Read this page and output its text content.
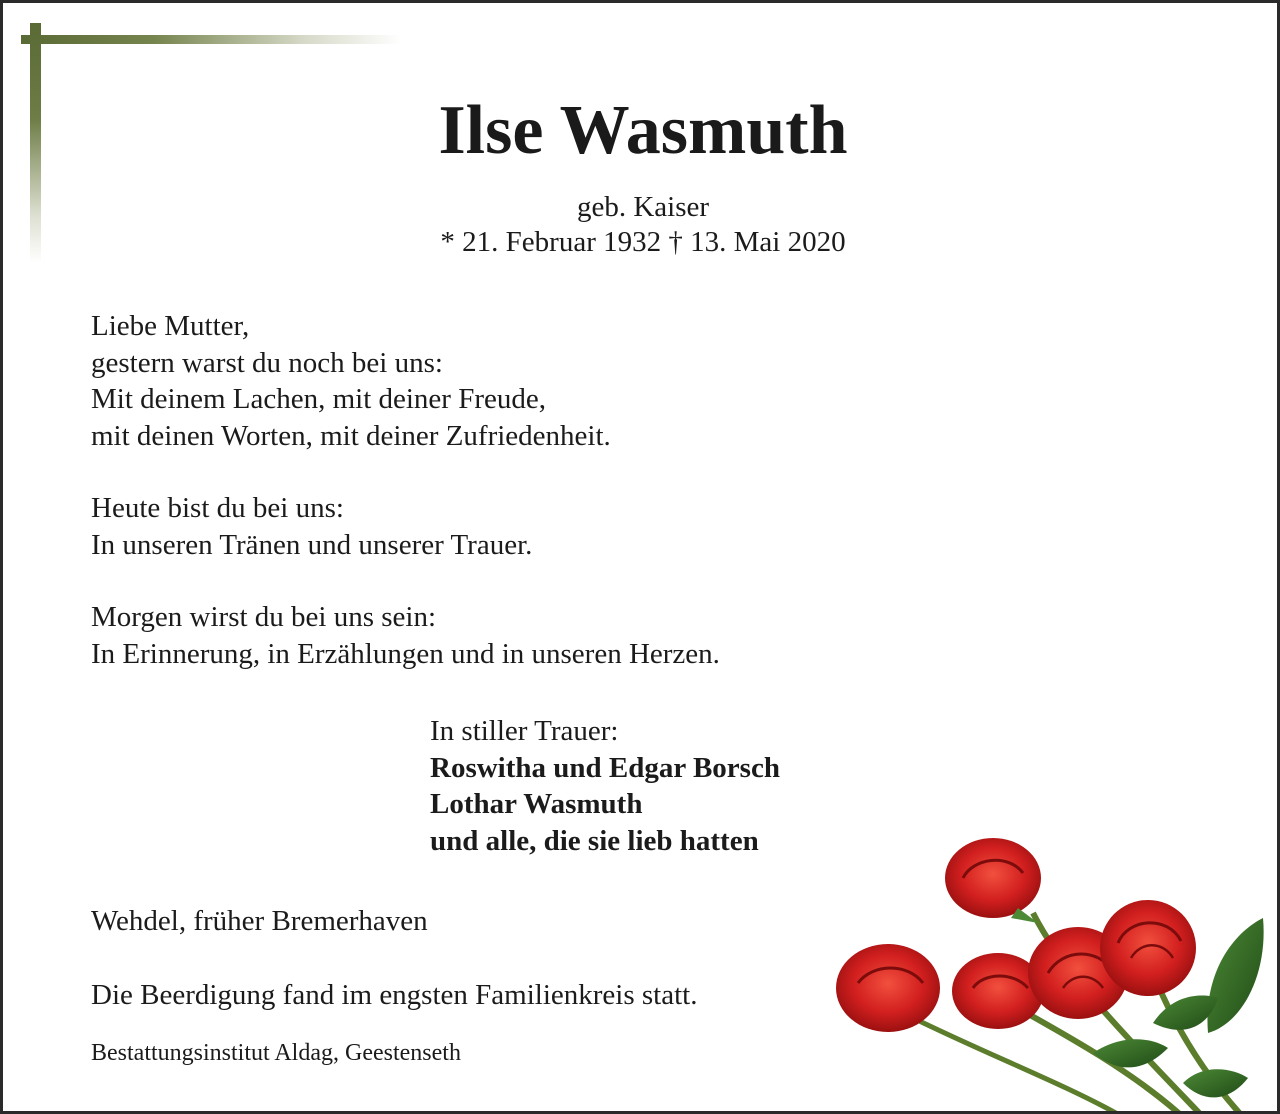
Ilse Wasmuth
geb. Kaiser
* 21. Februar 1932 † 13. Mai 2020
Liebe Mutter,
gestern warst du noch bei uns:
Mit deinem Lachen, mit deiner Freude,
mit deinen Worten, mit deiner Zufriedenheit.
Heute bist du bei uns:
In unseren Tränen und unserer Trauer.
Morgen wirst du bei uns sein:
In Erinnerung, in Erzählungen und in unseren Herzen.
In stiller Trauer:
Roswitha und Edgar Borsch
Lothar Wasmuth
und alle, die sie lieb hatten
Wehdel, früher Bremerhaven
Die Beerdigung fand im engsten Familienkreis statt.
Bestattungsinstitut Aldag, Geestenseth
